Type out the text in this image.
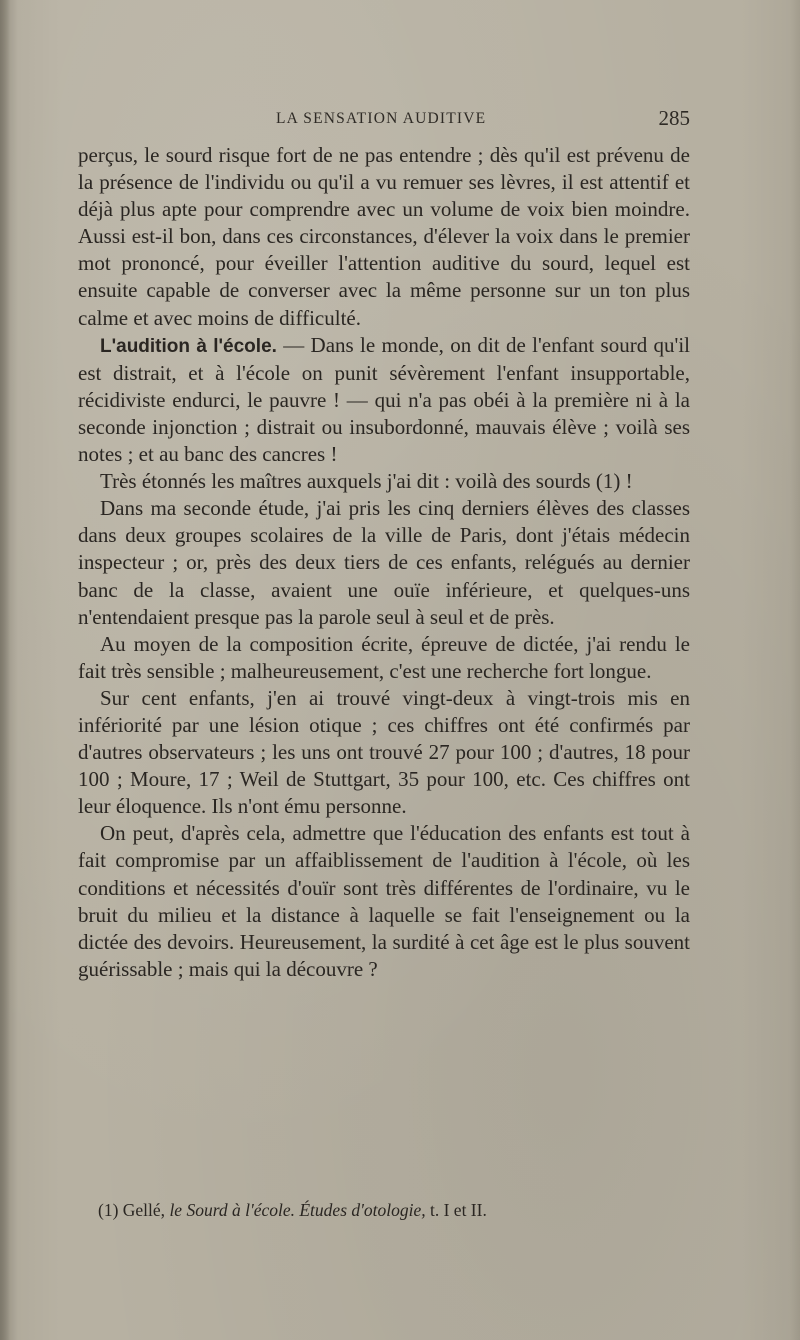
LA SENSATION AUDITIVE	285

perçus, le sourd risque fort de ne pas entendre ; dès qu'il est prévenu de la présence de l'individu ou qu'il a vu remuer ses lèvres, il est attentif et déjà plus apte pour comprendre avec un volume de voix bien moindre. Aussi est-il bon, dans ces circonstances, d'élever la voix dans le premier mot prononcé, pour éveiller l'attention auditive du sourd, lequel est ensuite capable de converser avec la même personne sur un ton plus calme et avec moins de difficulté.

L'audition à l'école. — Dans le monde, on dit de l'enfant sourd qu'il est distrait, et à l'école on punit sévèrement l'enfant insupportable, récidiviste endurci, le pauvre ! — qui n'a pas obéi à la première ni à la seconde injonction ; distrait ou insubordonné, mauvais élève ; voilà ses notes ; et au banc des cancres !

Très étonnés les maîtres auxquels j'ai dit : voilà des sourds (1) !

Dans ma seconde étude, j'ai pris les cinq derniers élèves des classes dans deux groupes scolaires de la ville de Paris, dont j'étais médecin inspecteur ; or, près des deux tiers de ces enfants, relégués au dernier banc de la classe, avaient une ouïe inférieure, et quelques-uns n'entendaient presque pas la parole seul à seul et de près.

Au moyen de la composition écrite, épreuve de dictée, j'ai rendu le fait très sensible ; malheureusement, c'est une recherche fort longue.

Sur cent enfants, j'en ai trouvé vingt-deux à vingt-trois mis en infériorité par une lésion otique ; ces chiffres ont été confirmés par d'autres observateurs ; les uns ont trouvé 27 pour 100 ; d'autres, 18 pour 100 ; Moure, 17 ; Weil de Stuttgart, 35 pour 100, etc. Ces chiffres ont leur éloquence. Ils n'ont ému personne.

On peut, d'après cela, admettre que l'éducation des enfants est tout à fait compromise par un affaiblissement de l'audition à l'école, où les conditions et nécessités d'ouïr sont très différentes de l'ordinaire, vu le bruit du milieu et la distance à laquelle se fait l'enseignement ou la dictée des devoirs. Heureusement, la surdité à cet âge est le plus souvent guérissable ; mais qui la découvre ?

(1) Gellé, le Sourd à l'école. Études d'otologie, t. I et II.
